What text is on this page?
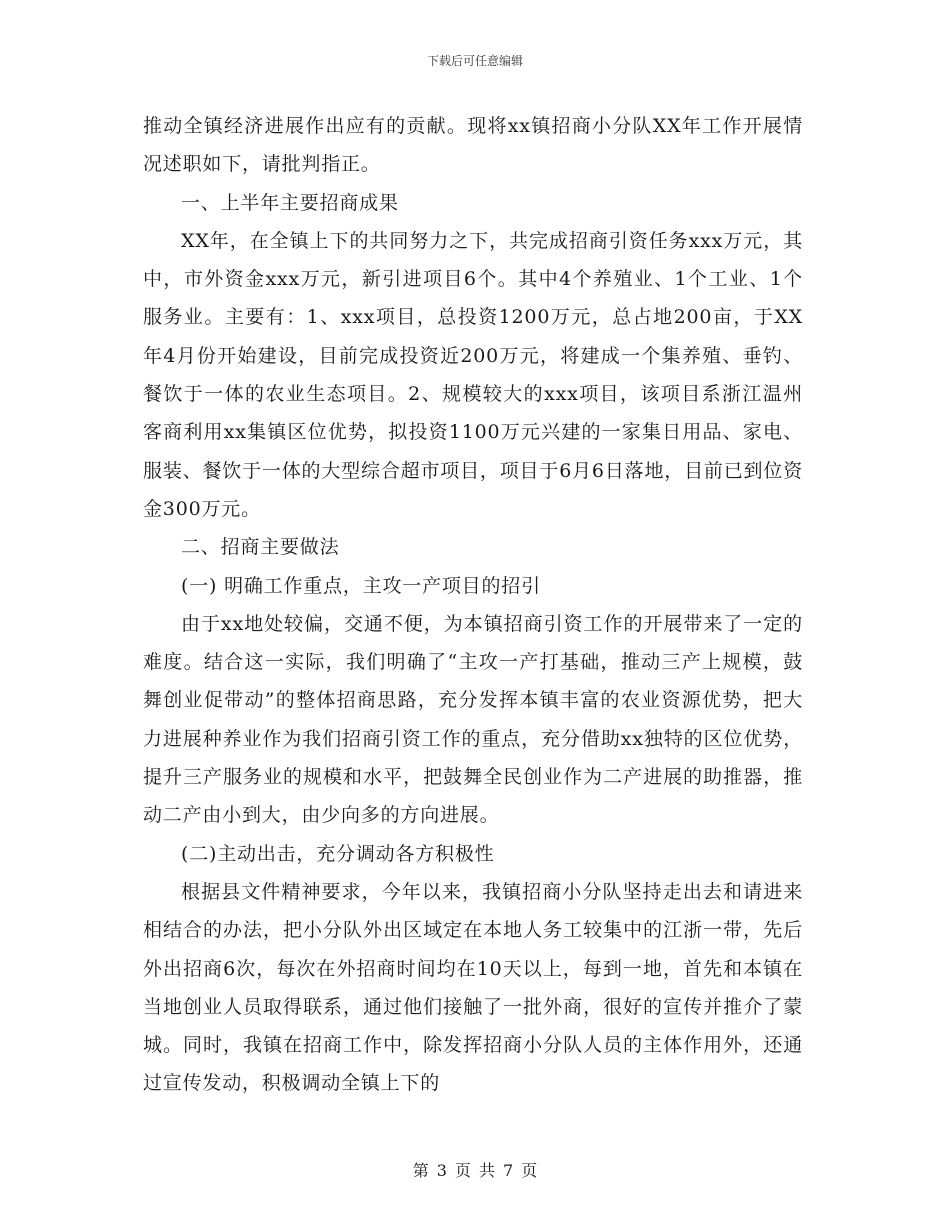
下载后可任意编辑

推动全镇经济进展作出应有的贡献。现将xx镇招商小分队XX年工作开展情况述职如下，请批判指正。

一、上半年主要招商成果

XX年，在全镇上下的共同努力之下，共完成招商引资任务xxx万元，其中，市外资金xxx万元，新引进项目6个。其中4个养殖业、1个工业、1个服务业。主要有：1、xxx项目，总投资1200万元，总占地200亩，于XX年4月份开始建设，目前完成投资近200万元，将建成一个集养殖、垂钓、餐饮于一体的农业生态项目。2、规模较大的xxx项目，该项目系浙江温州客商利用xx集镇区位优势，拟投资1100万元兴建的一家集日用品、家电、服装、餐饮于一体的大型综合超市项目，项目于6月6日落地，目前已到位资金300万元。

二、招商主要做法

(一) 明确工作重点，主攻一产项目的招引

由于xx地处较偏，交通不便，为本镇招商引资工作的开展带来了一定的难度。结合这一实际，我们明确了“主攻一产打基础，推动三产上规模，鼓舞创业促带动”的整体招商思路，充分发挥本镇丰富的农业资源优势，把大力进展种养业作为我们招商引资工作的重点，充分借助xx独特的区位优势，提升三产服务业的规模和水平，把鼓舞全民创业作为二产进展的助推器，推动二产由小到大，由少向多的方向进展。

(二)主动出击，充分调动各方积极性

根据县文件精神要求，今年以来，我镇招商小分队坚持走出去和请进来相结合的办法，把小分队外出区域定在本地人务工较集中的江浙一带，先后外出招商6次，每次在外招商时间均在10天以上，每到一地，首先和本镇在当地创业人员取得联系，通过他们接触了一批外商，很好的宣传并推介了蒙城。同时，我镇在招商工作中，除发挥招商小分队人员的主体作用外，还通过宣传发动，积极调动全镇上下的

第 3 页 共 7 页
